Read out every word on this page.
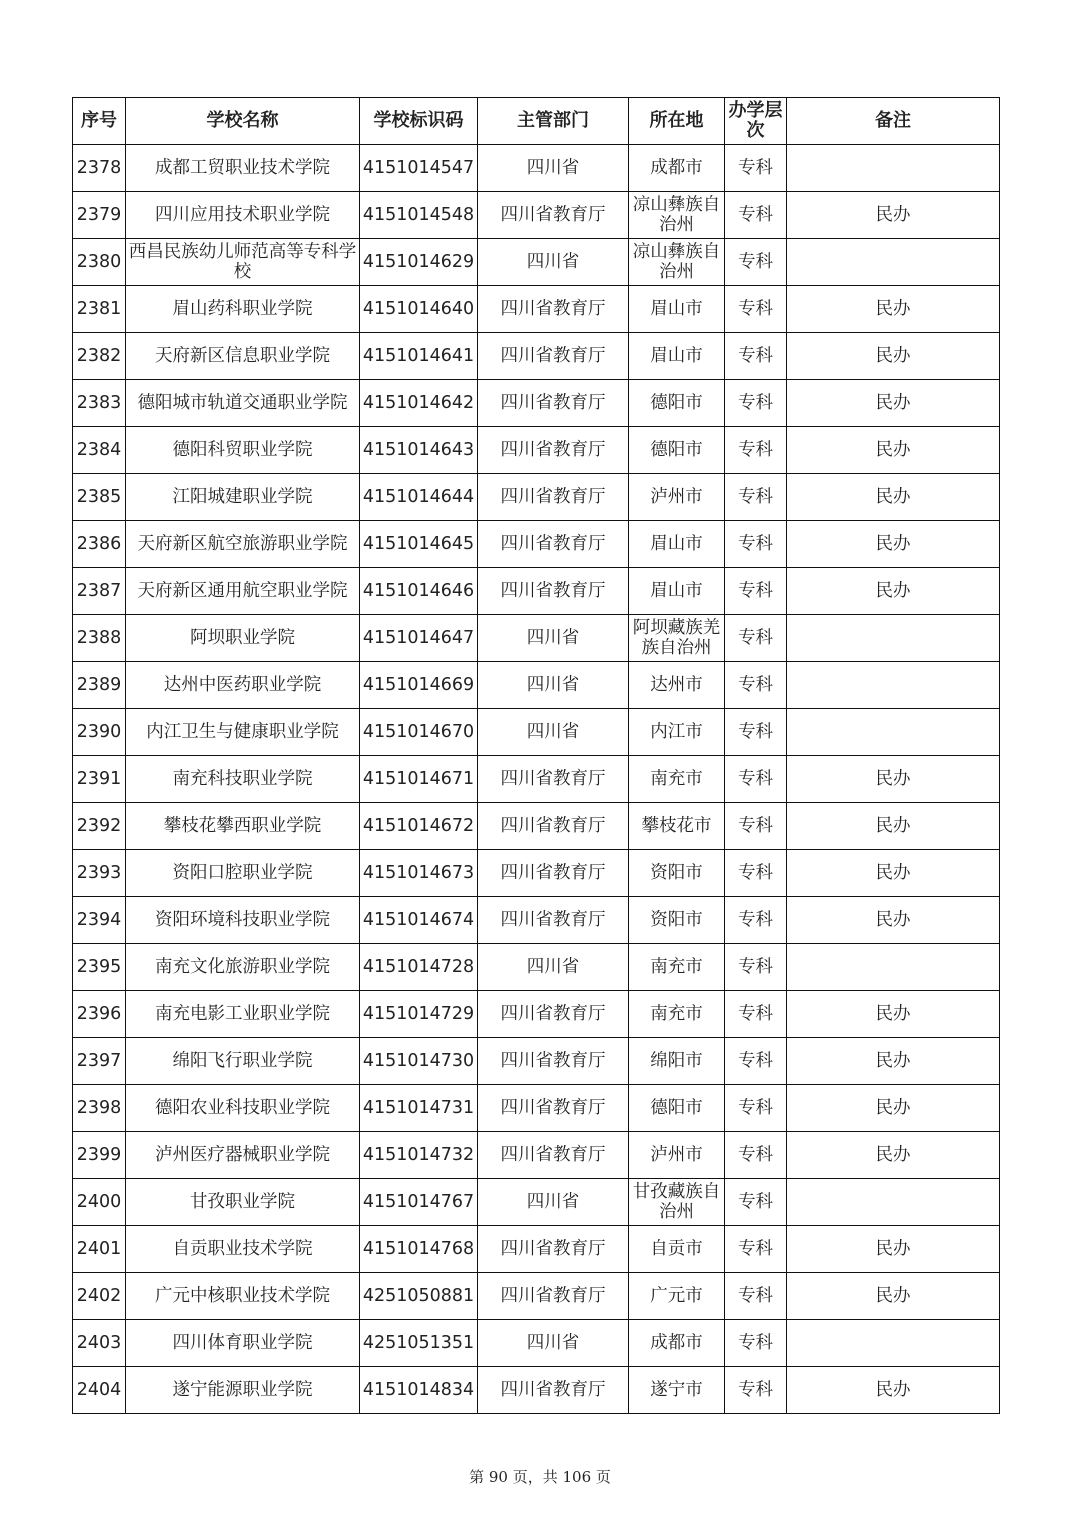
序号	学校名称	学校标识码	主管部门	所在地	办学层次	备注
2378	成都工贸职业技术学院	4151014547	四川省	成都市	专科	
2379	四川应用技术职业学院	4151014548	四川省教育厅	凉山彝族自治州	专科	民办
2380	西昌民族幼儿师范高等专科学校	4151014629	四川省	凉山彝族自治州	专科	
2381	眉山药科职业学院	4151014640	四川省教育厅	眉山市	专科	民办
2382	天府新区信息职业学院	4151014641	四川省教育厅	眉山市	专科	民办
2383	德阳城市轨道交通职业学院	4151014642	四川省教育厅	德阳市	专科	民办
2384	德阳科贸职业学院	4151014643	四川省教育厅	德阳市	专科	民办
2385	江阳城建职业学院	4151014644	四川省教育厅	泸州市	专科	民办
2386	天府新区航空旅游职业学院	4151014645	四川省教育厅	眉山市	专科	民办
2387	天府新区通用航空职业学院	4151014646	四川省教育厅	眉山市	专科	民办
2388	阿坝职业学院	4151014647	四川省	阿坝藏族羌族自治州	专科	
2389	达州中医药职业学院	4151014669	四川省	达州市	专科	
2390	内江卫生与健康职业学院	4151014670	四川省	内江市	专科	
2391	南充科技职业学院	4151014671	四川省教育厅	南充市	专科	民办
2392	攀枝花攀西职业学院	4151014672	四川省教育厅	攀枝花市	专科	民办
2393	资阳口腔职业学院	4151014673	四川省教育厅	资阳市	专科	民办
2394	资阳环境科技职业学院	4151014674	四川省教育厅	资阳市	专科	民办
2395	南充文化旅游职业学院	4151014728	四川省	南充市	专科	
2396	南充电影工业职业学院	4151014729	四川省教育厅	南充市	专科	民办
2397	绵阳飞行职业学院	4151014730	四川省教育厅	绵阳市	专科	民办
2398	德阳农业科技职业学院	4151014731	四川省教育厅	德阳市	专科	民办
2399	泸州医疗器械职业学院	4151014732	四川省教育厅	泸州市	专科	民办
2400	甘孜职业学院	4151014767	四川省	甘孜藏族自治州	专科	
2401	自贡职业技术学院	4151014768	四川省教育厅	自贡市	专科	民办
2402	广元中核职业技术学院	4251050881	四川省教育厅	广元市	专科	民办
2403	四川体育职业学院	4251051351	四川省	成都市	专科	
2404	遂宁能源职业学院	4151014834	四川省教育厅	遂宁市	专科	民办
第 90 页，共 106 页
